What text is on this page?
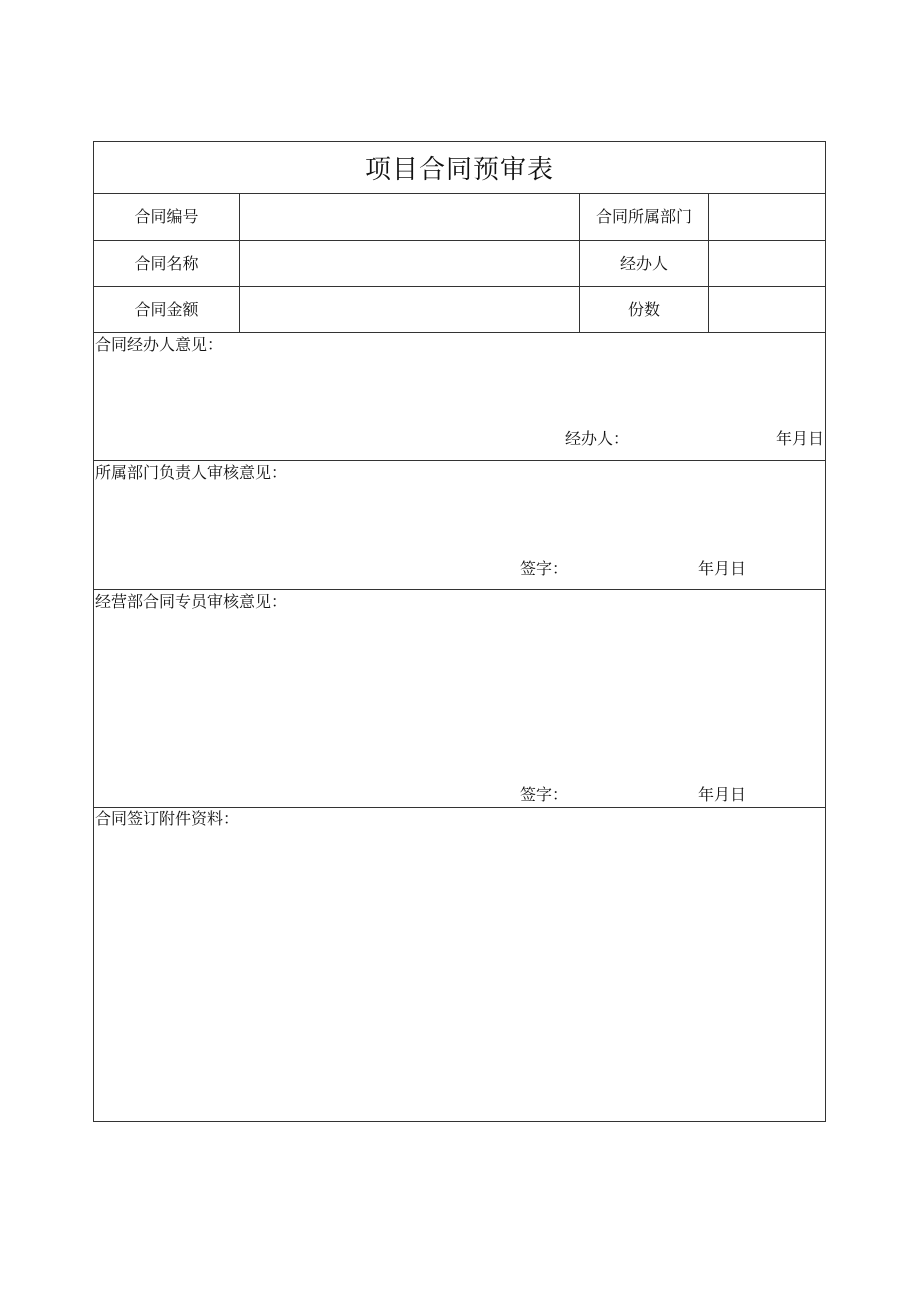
项目合同预审表
合同编号	合同所属部门
合同名称	经办人
合同金额	份数
合同经办人意见：
经办人：	年月日
所属部门负责人审核意见：
签字：	年月日
经营部合同专员审核意见：
签字：	年月日
合同签订附件资料：
